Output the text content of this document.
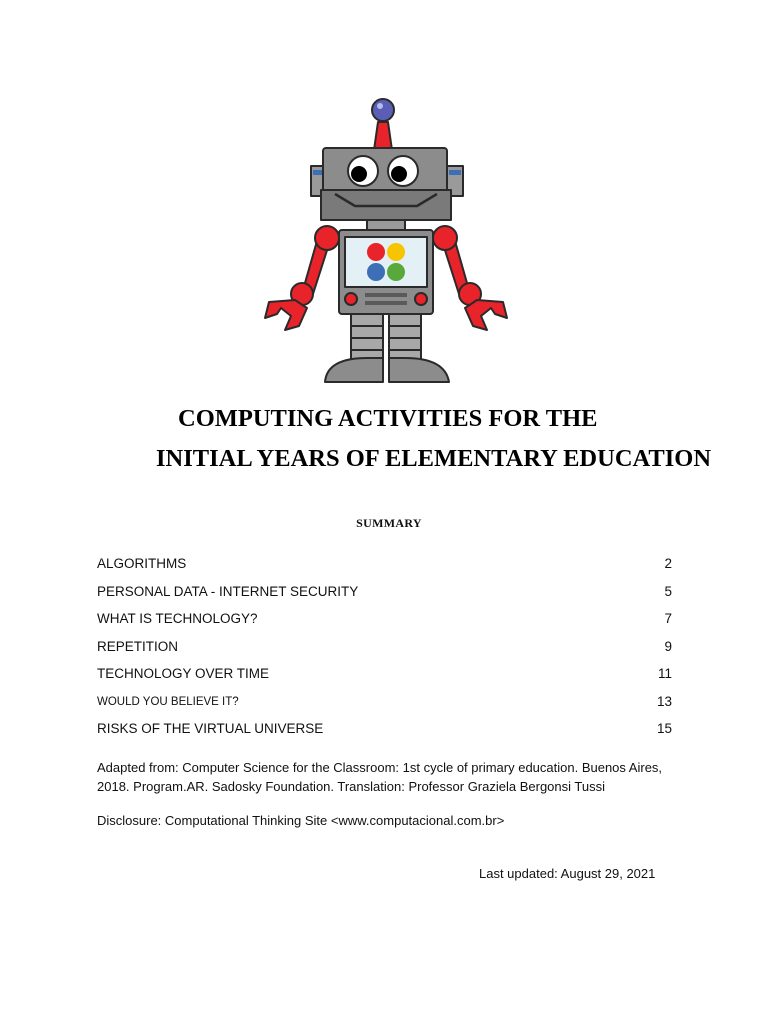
COMPUTING ACTIVITIES FOR THE
INITIAL YEARS OF ELEMENTARY EDUCATION
SUMMARY
ALGORITHMS	2
PERSONAL DATA - INTERNET SECURITY	5
WHAT IS TECHNOLOGY?	7
REPETITION	9
TECHNOLOGY OVER TIME	11
WOULD YOU BELIEVE IT?	13
RISKS OF THE VIRTUAL UNIVERSE	15
Adapted from: Computer Science for the Classroom: 1st cycle of primary education. Buenos Aires, 2018. Program.AR. Sadosky Foundation. Translation: Professor Graziela Bergonsi Tussi
Disclosure: Computational Thinking Site <www.computacional.com.br>
Last updated: August 29, 2021
